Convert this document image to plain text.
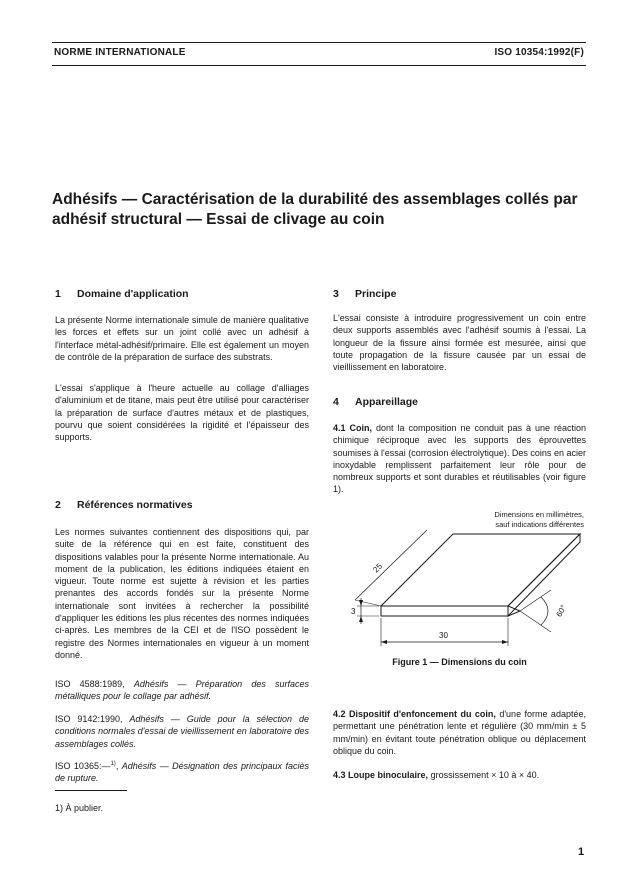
NORME INTERNATIONALE	ISO 10354:1992(F)
Adhésifs — Caractérisation de la durabilité des assemblages collés par adhésif structural — Essai de clivage au coin
1 Domaine d'application

La présente Norme internationale simule de manière qualitative les forces et effets sur un joint collé avec un adhésif à l'interface métal-adhésif/primaire. Elle est également un moyen de contrôle de la préparation de surface des substrats.

L'essai s'applique à l'heure actuelle au collage d'alliages d'aluminium et de titane, mais peut être utilisé pour caractériser la préparation de surface d'autres métaux et de plastiques, pourvu que soient considérées la rigidité et l'épaisseur des supports.

2 Références normatives

Les normes suivantes contiennent des dispositions qui, par suite de la référence qui en est faite, constituent des dispositions valables pour la présente Norme internationale. Au moment de la publication, les éditions indiquées étaient en vigueur. Toute norme est sujette à révision et les parties prenantes des accords fondés sur la présente Norme internationale sont invitées à rechercher la possibilité d'appliquer les éditions les plus récentes des normes indiquées ci-après. Les membres de la CEI et de l'ISO possèdent le registre des Normes internationales en vigueur à un moment donné.

ISO 4588:1989, Adhésifs — Préparation des surfaces métalliques pour le collage par adhésif.

ISO 9142:1990, Adhésifs — Guide pour la sélection de conditions normales d'essai de vieillissement en laboratoire des assemblages collés.

ISO 10365:—$^{1)}$, Adhésifs — Désignation des principaux faciès de rupture.

3 Principe

L'essai consiste à introduire progressivement un coin entre deux supports assemblés avec l'adhésif soumis à l'essai. La longueur de la fissure ainsi formée est mesurée, ainsi que toute propagation de la fissure causée par un essai de vieillissement en laboratoire.

4 Appareillage

4.1 Coin, dont la composition ne conduit pas à une réaction chimique réciproque avec les supports des éprouvettes soumises à l'essai (corrosion électrolytique). Des coins en acier inoxydable remplissent parfaitement leur rôle pour de nombreux supports et sont durables et réutilisables (voir figure 1).

Dimensions en millimètres,
sauf indications différentes
30
3
25
60°
Figure 1 — Dimensions du coin

4.2 Dispositif d'enfoncement du coin, d'une forme adaptée, permettant une pénétration lente et régulière (30 mm/min ± 5 mm/min) en évitant toute pénétration oblique ou déplacement oblique du coin.

4.3 Loupe binoculaire, grossissement × 10 à × 40.

1) À publier.
1
